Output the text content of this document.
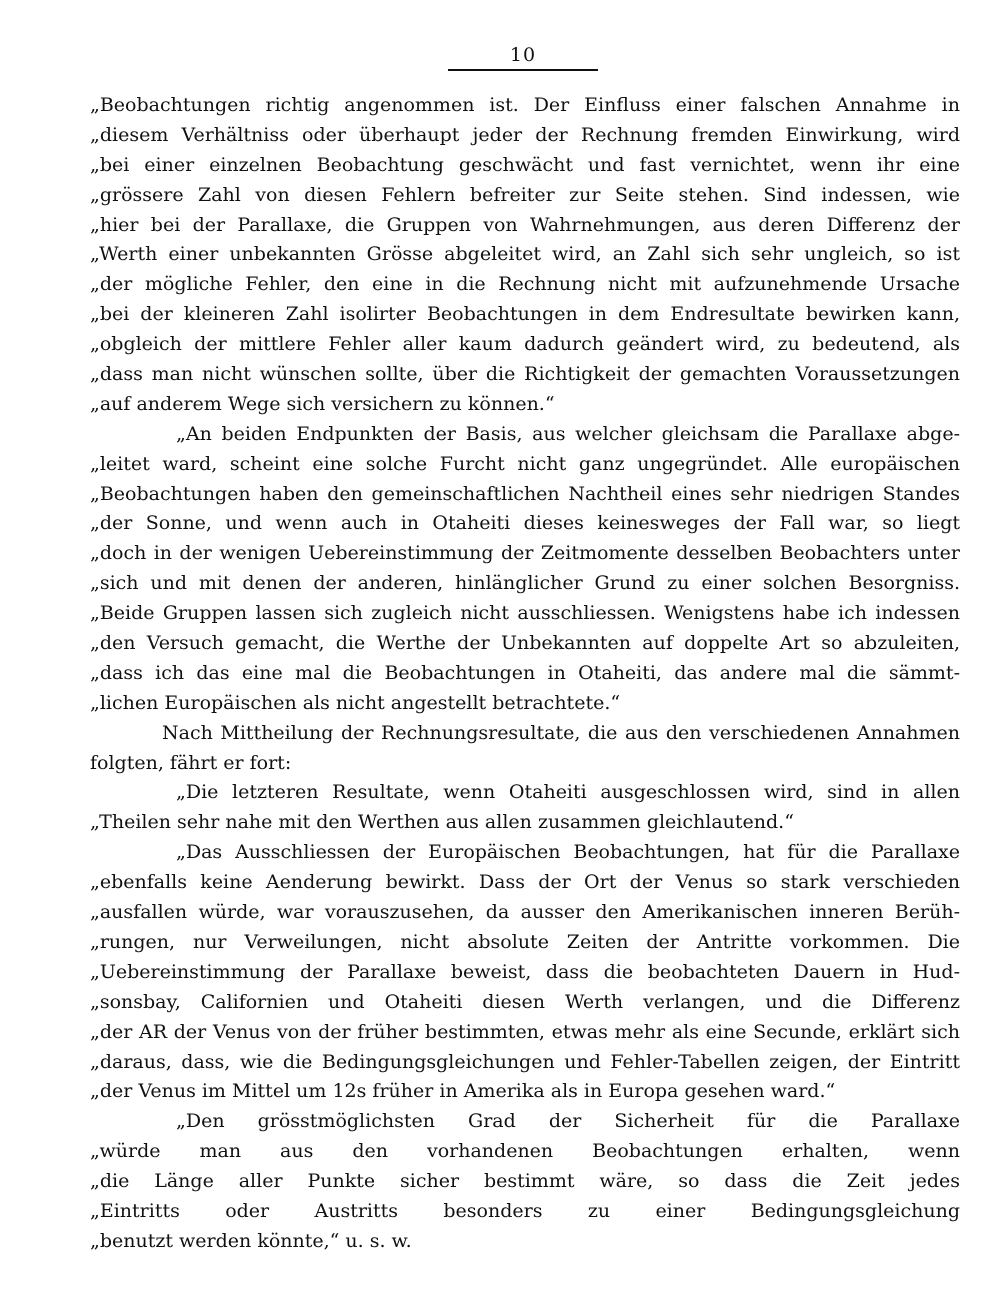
10
„Beobachtungen richtig angenommen ist. Der Einfluss einer falschen Annahme in
„diesem Verhältniss oder überhaupt jeder der Rechnung fremden Einwirkung, wird
„bei einer einzelnen Beobachtung geschwächt und fast vernichtet, wenn ihr eine
„grössere Zahl von diesen Fehlern befreiter zur Seite stehen. Sind indessen, wie
„hier bei der Parallaxe, die Gruppen von Wahrnehmungen, aus deren Differenz der
„Werth einer unbekannten Grösse abgeleitet wird, an Zahl sich sehr ungleich, so ist
„der mögliche Fehler, den eine in die Rechnung nicht mit aufzunehmende Ursache
„bei der kleineren Zahl isolirter Beobachtungen in dem Endresultate bewirken kann,
„obgleich der mittlere Fehler aller kaum dadurch geändert wird, zu bedeutend, als
„dass man nicht wünschen sollte, über die Richtigkeit der gemachten Voraussetzungen
„auf anderem Wege sich versichern zu können.“
„An beiden Endpunkten der Basis, aus welcher gleichsam die Parallaxe abge-
„leitet ward, scheint eine solche Furcht nicht ganz ungegründet. Alle europäischen
„Beobachtungen haben den gemeinschaftlichen Nachtheil eines sehr niedrigen Standes
„der Sonne, und wenn auch in Otaheiti dieses keinesweges der Fall war, so liegt
„doch in der wenigen Uebereinstimmung der Zeitmomente desselben Beobachters unter
„sich und mit denen der anderen, hinlänglicher Grund zu einer solchen Besorgniss.
„Beide Gruppen lassen sich zugleich nicht ausschliessen. Wenigstens habe ich indessen
„den Versuch gemacht, die Werthe der Unbekannten auf doppelte Art so abzuleiten,
„dass ich das eine mal die Beobachtungen in Otaheiti, das andere mal die sämmt-
„lichen Europäischen als nicht angestellt betrachtete.“
Nach Mittheilung der Rechnungsresultate, die aus den verschiedenen Annahmen
folgten, fährt er fort:
„Die letzteren Resultate, wenn Otaheiti ausgeschlossen wird, sind in allen
„Theilen sehr nahe mit den Werthen aus allen zusammen gleichlautend.“
„Das Ausschliessen der Europäischen Beobachtungen, hat für die Parallaxe
„ebenfalls keine Aenderung bewirkt. Dass der Ort der Venus so stark verschieden
„ausfallen würde, war vorauszusehen, da ausser den Amerikanischen inneren Berüh-
„rungen, nur Verweilungen, nicht absolute Zeiten der Antritte vorkommen. Die
„Uebereinstimmung der Parallaxe beweist, dass die beobachteten Dauern in Hud-
„sonsbay, Californien und Otaheiti diesen Werth verlangen, und die Differenz
„der AR der Venus von der früher bestimmten, etwas mehr als eine Secunde, erklärt sich
„daraus, dass, wie die Bedingungsgleichungen und Fehler-Tabellen zeigen, der Eintritt
„der Venus im Mittel um 12s früher in Amerika als in Europa gesehen ward.“
„Den grösstmöglichsten Grad der Sicherheit für die Parallaxe
„würde man aus den vorhandenen Beobachtungen erhalten, wenn
„die Länge aller Punkte sicher bestimmt wäre, so dass die Zeit jedes
„Eintritts oder Austritts besonders zu einer Bedingungsgleichung
„benutzt werden könnte,“ u. s. w.
